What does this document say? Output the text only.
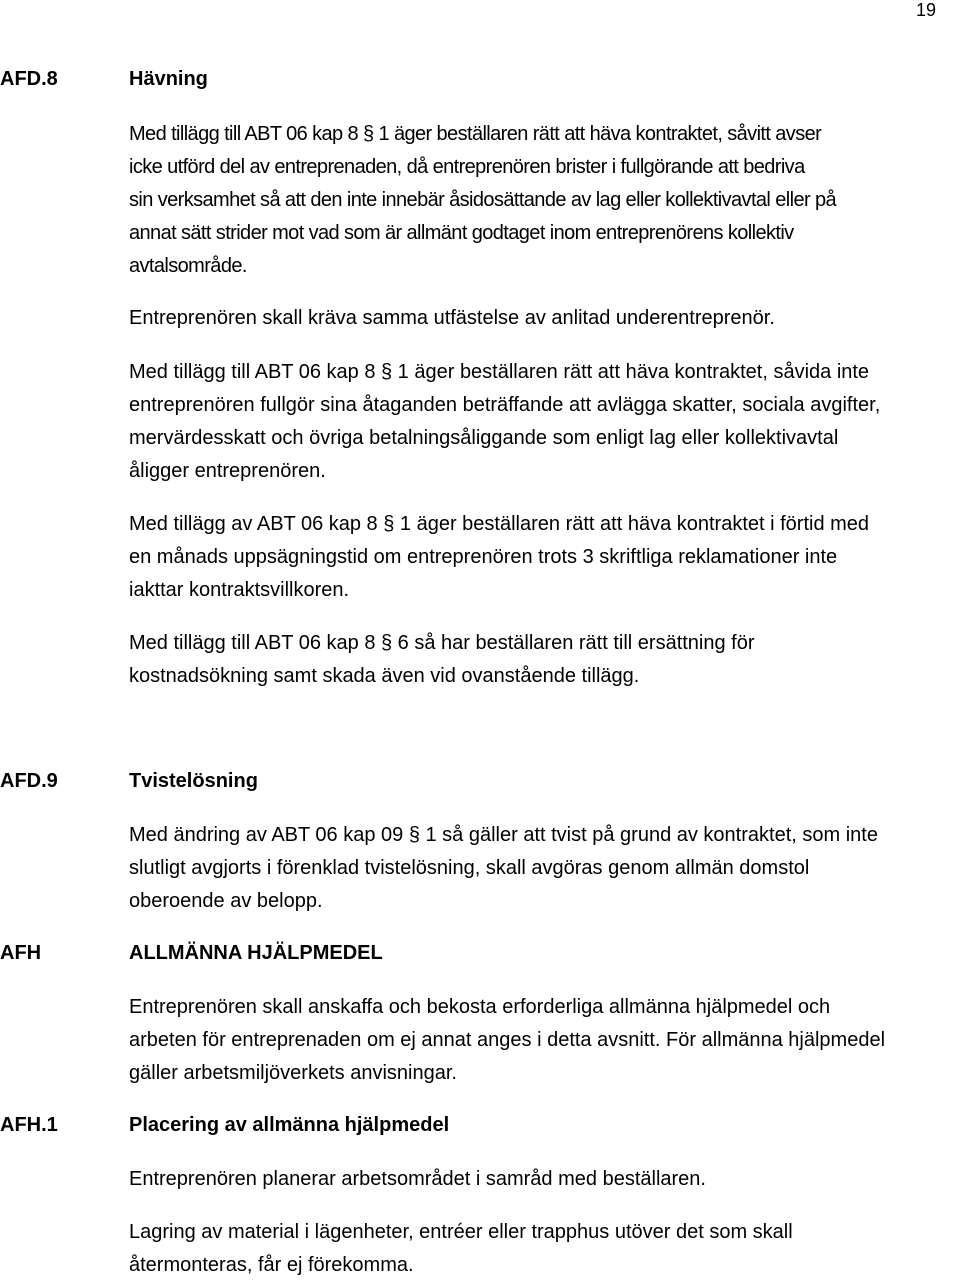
19
AFD.8	Hävning

Med tillägg till ABT 06 kap 8 § 1 äger beställaren rätt att häva kontraktet, såvitt avser
icke utförd del av entreprenaden, då entreprenören brister i fullgörande att bedriva
sin verksamhet så att den inte innebär åsidosättande av lag eller kollektivavtal eller på
annat sätt strider mot vad som är allmänt godtaget inom entreprenörens kollektiv
avtalsområde.

Entreprenören skall kräva samma utfästelse av anlitad underentreprenör.

Med tillägg till ABT 06 kap 8 § 1 äger beställaren rätt att häva kontraktet, såvida inte
entreprenören fullgör sina åtaganden beträffande att avlägga skatter, sociala avgifter,
mervärdesskatt och övriga betalningsåliggande som enligt lag eller kollektivavtal
åligger entreprenören.

Med tillägg av ABT 06 kap 8 § 1 äger beställaren rätt att häva kontraktet i förtid med
en månads uppsägningstid om entreprenören trots 3 skriftliga reklamationer inte
iakttar kontraktsvillkoren.

Med tillägg till ABT 06 kap 8 § 6 så har beställaren rätt till ersättning för
kostnadsökning samt skada även vid ovanstående tillägg.

AFD.9	Tvistelösning

Med ändring av ABT 06 kap 09 § 1 så gäller att tvist på grund av kontraktet, som inte
slutligt avgjorts i förenklad tvistelösning, skall avgöras genom allmän domstol
oberoende av belopp.

AFH	ALLMÄNNA HJÄLPMEDEL

Entreprenören skall anskaffa och bekosta erforderliga allmänna hjälpmedel och
arbeten för entreprenaden om ej annat anges i detta avsnitt. För allmänna hjälpmedel
gäller arbetsmiljöverkets anvisningar.

AFH.1	Placering av allmänna hjälpmedel

Entreprenören planerar arbetsområdet i samråd med beställaren.

Lagring av material i lägenheter, entréer eller trapphus utöver det som skall
återmonteras, får ej förekomma.
